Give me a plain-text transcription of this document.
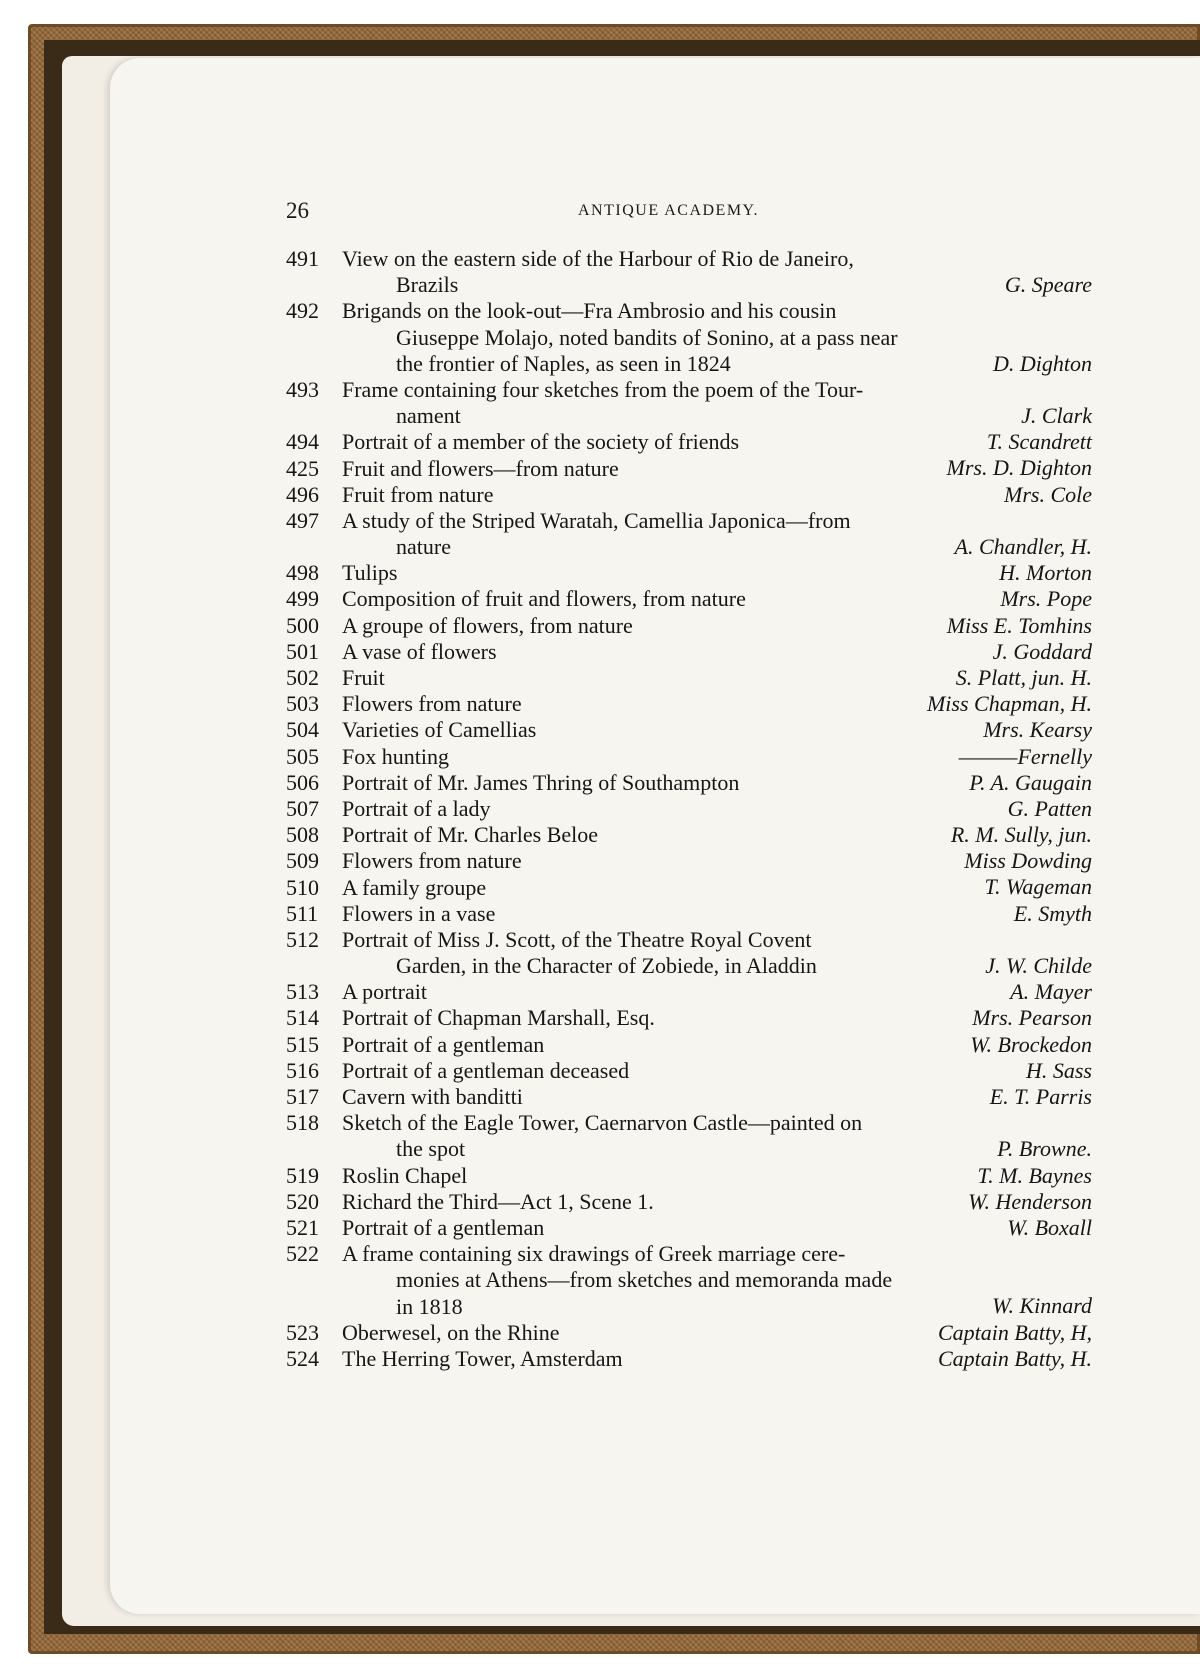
26	ANTIQUE ACADEMY.
491 View on the eastern side of the Harbour of Rio de Janeiro,
Brazils	G. Speare
492 Brigands on the look-out—Fra Ambrosio and his cousin
Giuseppe Molajo, noted bandits of Sonino, at a pass near
the frontier of Naples, as seen in 1824	D. Dighton
493 Frame containing four sketches from the poem of the Tour-
nament	J. Clark
494 Portrait of a member of the society of friends	T. Scandrett
425 Fruit and flowers—from nature	Mrs. D. Dighton
496 Fruit from nature	Mrs. Cole
497 A study of the Striped Waratah, Camellia Japonica—from
nature	A. Chandler, H.
498 Tulips	H. Morton
499 Composition of fruit and flowers, from nature	Mrs. Pope
500 A groupe of flowers, from nature	Miss E. Tomhins
501 A vase of flowers	J. Goddard
502 Fruit	S. Platt, jun. H.
503 Flowers from nature	Miss Chapman, H.
504 Varieties of Camellias	Mrs. Kearsy
505 Fox hunting	———Fernelly
506 Portrait of Mr. James Thring of Southampton	P. A. Gaugain
507 Portrait of a lady	G. Patten
508 Portrait of Mr. Charles Beloe	R. M. Sully, jun.
509 Flowers from nature	Miss Dowding
510 A family groupe	T. Wageman
511 Flowers in a vase	E. Smyth
512 Portrait of Miss J. Scott, of the Theatre Royal Covent
Garden, in the Character of Zobiede, in Aladdin	J. W. Childe
513 A portrait	A. Mayer
514 Portrait of Chapman Marshall, Esq.	Mrs. Pearson
515 Portrait of a gentleman	W. Brockedon
516 Portrait of a gentleman deceased	H. Sass
517 Cavern with banditti	E. T. Parris
518 Sketch of the Eagle Tower, Caernarvon Castle—painted on
the spot	P. Browne.
519 Roslin Chapel	T. M. Baynes
520 Richard the Third—Act 1, Scene 1.	W. Henderson
521 Portrait of a gentleman	W. Boxall
522 A frame containing six drawings of Greek marriage cere-
monies at Athens—from sketches and memoranda made
in 1818	W. Kinnard
523 Oberwesel, on the Rhine	Captain Batty, H,
524 The Herring Tower, Amsterdam	Captain Batty, H.
